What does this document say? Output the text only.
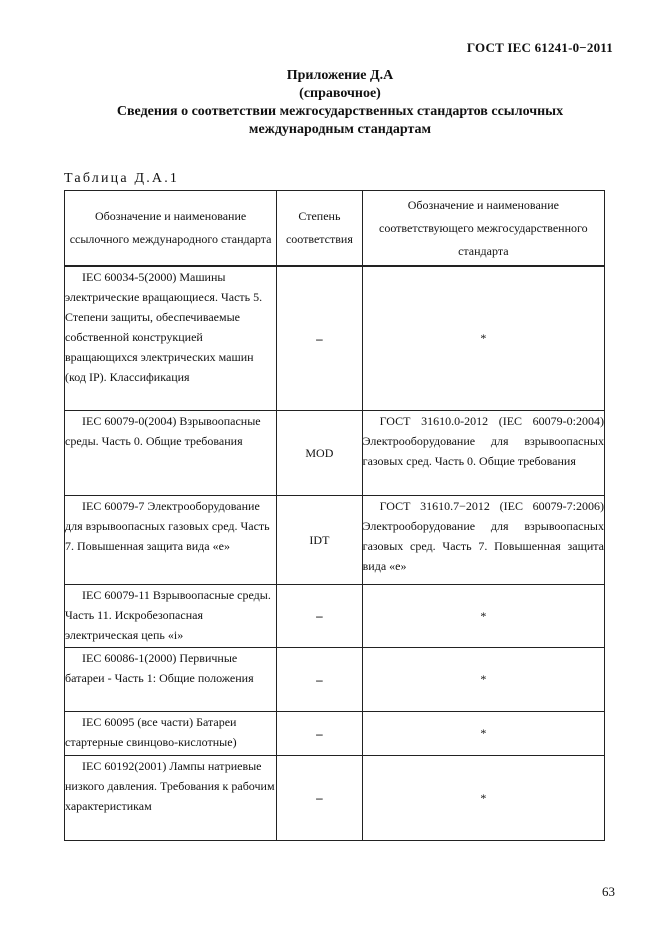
ГОСТ IEC 61241-0−2011
Приложение Д.А
(справочное)
Сведения о соответствии межгосударственных стандартов ссылочных
международным стандартам
Таблица Д.А.1
Обозначение и наименование ссылочного международного стандарта	Степень соответствия	Обозначение и наименование соответствующего межгосударственного стандарта
IEC 60034-5(2000) Машины электрические вращающиеся. Часть 5. Степени защиты, обеспечиваемые собственной конструкцией вращающихся электрических машин (код IP). Классификация	–	*
IEC 60079-0(2004) Взрывоопасные среды. Часть 0. Общие требования	MOD	ГОСТ 31610.0-2012 (IEC 60079-0:2004) Электрооборудование для взрывоопасных газовых сред. Часть 0. Общие требования
IEC 60079-7 Электрооборудование для взрывоопасных газовых сред. Часть 7. Повышенная защита вида «е»	IDT	ГОСТ 31610.7−2012 (IEC 60079-7:2006) Электрооборудование для взрывоопасных газовых сред. Часть 7. Повышенная защита вида «е»
IEC 60079-11 Взрывоопасные среды. Часть 11. Искробезопасная электрическая цепь «i»	–	*
IEC 60086-1(2000) Первичные батареи - Часть 1: Общие положения	–	*
IEC 60095 (все части) Батареи стартерные свинцово-кислотные)	–	*
IEC 60192(2001) Лампы натриевые низкого давления. Требования к рабочим характеристикам	–	*
63
